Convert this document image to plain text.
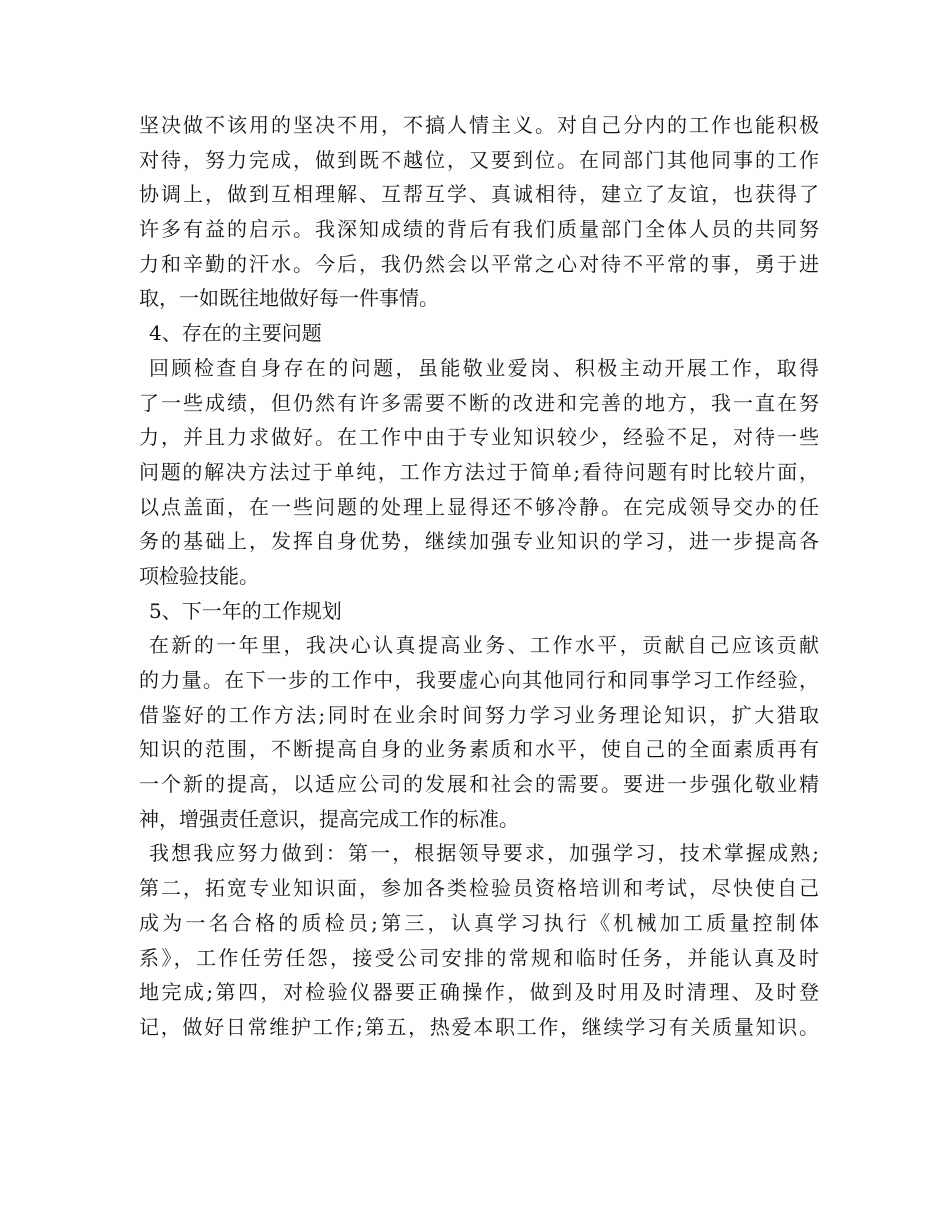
坚决做不该用的坚决不用，不搞人情主义。对自己分内的工作也能积极
对待，努力完成，做到既不越位，又要到位。在同部门其他同事的工作
协调上，做到互相理解、互帮互学、真诚相待，建立了友谊，也获得了
许多有益的启示。我深知成绩的背后有我们质量部门全体人员的共同努
力和辛勤的汗水。今后，我仍然会以平常之心对待不平常的事，勇于进
取，一如既往地做好每一件事情。
4、存在的主要问题
回顾检查自身存在的问题，虽能敬业爱岗、积极主动开展工作，取得
了一些成绩，但仍然有许多需要不断的改进和完善的地方，我一直在努
力，并且力求做好。在工作中由于专业知识较少，经验不足，对待一些
问题的解决方法过于单纯，工作方法过于简单;看待问题有时比较片面，
以点盖面，在一些问题的处理上显得还不够冷静。在完成领导交办的任
务的基础上，发挥自身优势，继续加强专业知识的学习，进一步提高各
项检验技能。
5、下一年的工作规划
在新的一年里，我决心认真提高业务、工作水平，贡献自己应该贡献
的力量。在下一步的工作中，我要虚心向其他同行和同事学习工作经验，
借鉴好的工作方法;同时在业余时间努力学习业务理论知识，扩大猎取
知识的范围，不断提高自身的业务素质和水平，使自己的全面素质再有
一个新的提高，以适应公司的发展和社会的需要。要进一步强化敬业精
神，增强责任意识，提高完成工作的标准。
我想我应努力做到：第一，根据领导要求，加强学习，技术掌握成熟;
第二，拓宽专业知识面，参加各类检验员资格培训和考试，尽快使自己
成为一名合格的质检员;第三，认真学习执行《机械加工质量控制体
系》，工作任劳任怨，接受公司安排的常规和临时任务，并能认真及时
地完成;第四，对检验仪器要正确操作，做到及时用及时清理、及时登
记，做好日常维护工作;第五，热爱本职工作，继续学习有关质量知识。
